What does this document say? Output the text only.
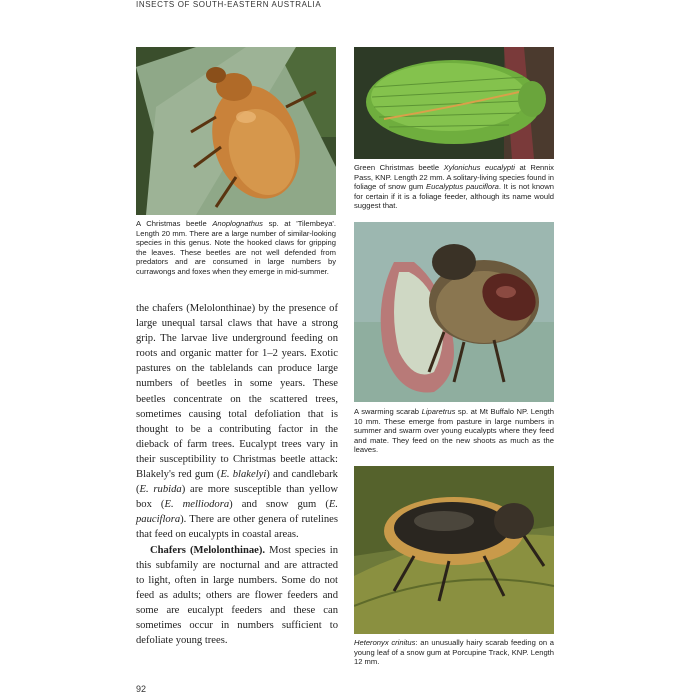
INSECTS OF SOUTH-EASTERN AUSTRALIA

A Christmas beetle Anoplognathus sp. at 'Tilembeya'. Length 20 mm. There are a large number of similar-looking species in this genus. Note the hooked claws for gripping the leaves. These beetles are not well defended from predators and are consumed in large numbers by currawongs and foxes when they emerge in mid-summer.

Green Christmas beetle Xylonichus eucalypti at Rennix Pass, KNP. Length 22 mm. A solitary-living species found in foliage of snow gum Eucalyptus pauciflora. It is not known for certain if it is a foliage feeder, although its name would suggest that.

A swarming scarab Liparetrus sp. at Mt Buffalo NP. Length 10 mm. These emerge from pasture in large numbers in summer and swarm over young eucalypts where they feed and mate. They feed on the new shoots as much as the leaves.

Heteronyx crinitus: an unusually hairy scarab feeding on a young leaf of a snow gum at Porcupine Track, KNP. Length 12 mm.

the chafers (Melolonthinae) by the presence of large unequal tarsal claws that have a strong grip. The larvae live underground feeding on roots and organic matter for 1–2 years. Exotic pastures on the tablelands can produce large numbers of beetles in some years. These beetles concentrate on the scattered trees, sometimes causing total defoliation that is thought to be a contributing factor in the dieback of farm trees. Eucalypt trees vary in their susceptibility to Christmas beetle attack: Blakely's red gum (E. blakelyi) and candlebark (E. rubida) are more susceptible than yellow box (E. melliodora) and snow gum (E. pauciflora). There are other genera of rutelines that feed on eucalypts in coastal areas.

Chafers (Melolonthinae). Most species in this subfamily are nocturnal and are attracted to light, often in large numbers. Some do not feed as adults; others are flower feeders and some are eucalypt feeders and these can sometimes occur in numbers sufficient to defoliate young trees.

92
